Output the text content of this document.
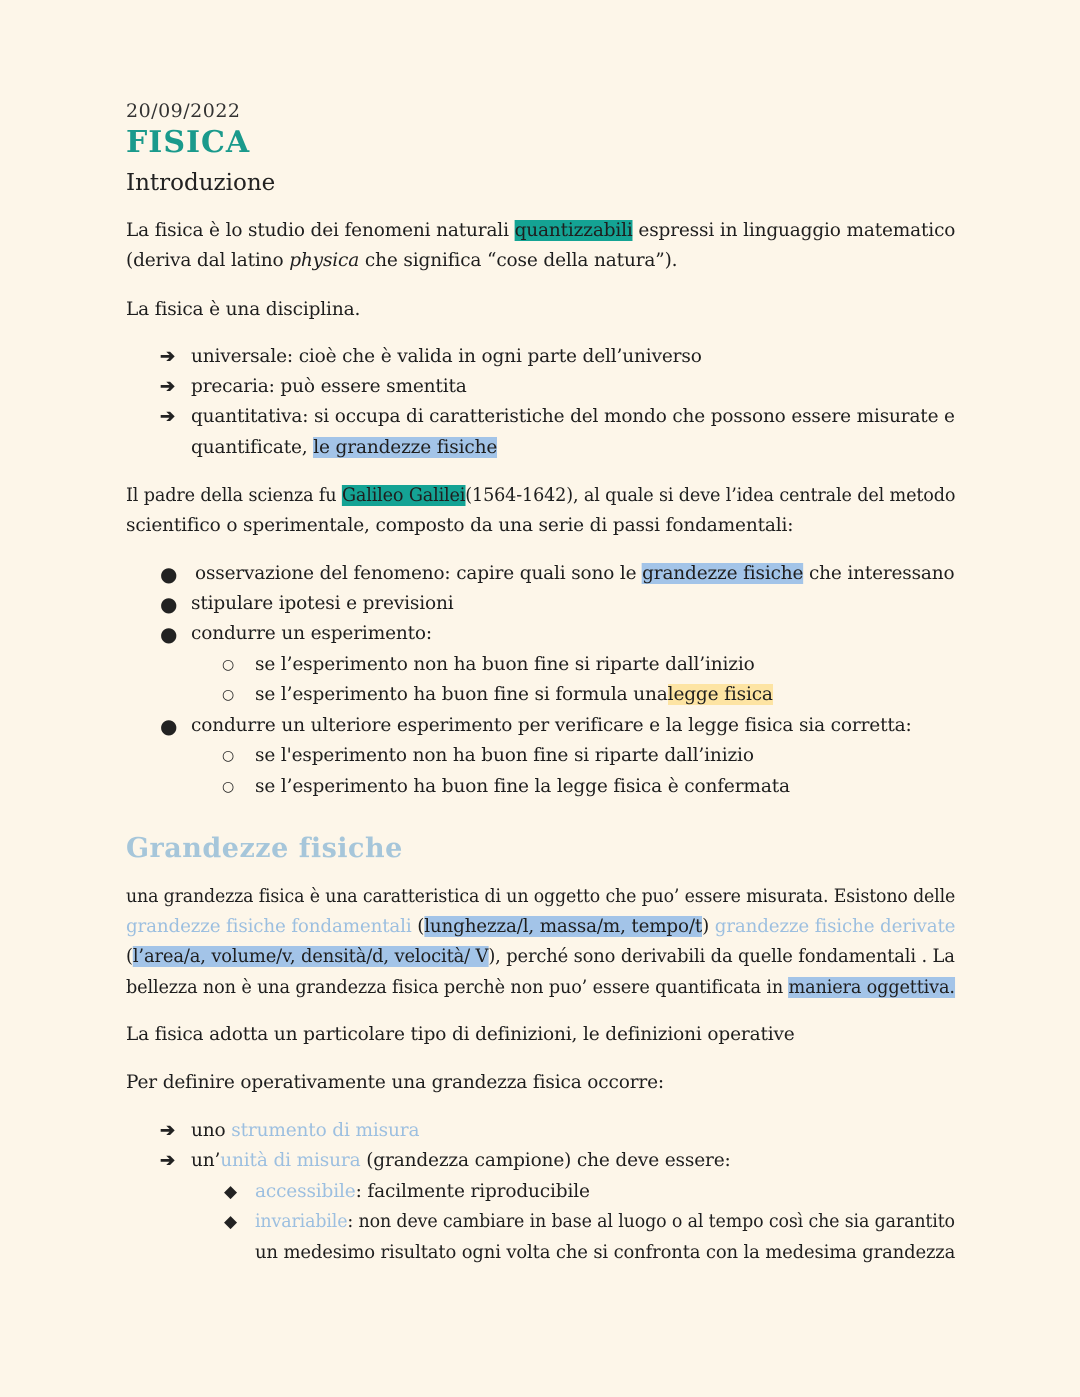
20/09/2022
FISICA
Introduzione
La fisica è lo studio dei fenomeni naturali quantizzabili espressi in linguaggio matematico
(deriva dal latino physica che significa “cose della natura”).
La fisica è una disciplina.
➔ universale: cioè che è valida in ogni parte dell’universo
➔ precaria: può essere smentita
➔ quantitativa: si occupa di caratteristiche del mondo che possono essere misurate e
quantificate, le grandezze fisiche
Il padre della scienza fu Galileo Galilei(1564-1642), al quale si deve l’idea centrale del metodo
scientifico o sperimentale, composto da una serie di passi fondamentali:
● osservazione del fenomeno: capire quali sono le grandezze fisiche che interessano
● stipulare ipotesi e previsioni
● condurre un esperimento:
○ se l’esperimento non ha buon fine si riparte dall’inizio
○ se l’esperimento ha buon fine si formula unalegge fisica
● condurre un ulteriore esperimento per verificare e la legge fisica sia corretta:
○ se l'esperimento non ha buon fine si riparte dall’inizio
○ se l’esperimento ha buon fine la legge fisica è confermata
Grandezze fisiche
una grandezza fisica è una caratteristica di un oggetto che puo’ essere misurata. Esistono delle
grandezze fisiche fondamentali (lunghezza/l, massa/m, tempo/t) grandezze fisiche derivate
(l’area/a, volume/v, densità/d, velocità/ V), perché sono derivabili da quelle fondamentali . La
bellezza non è una grandezza fisica perchè non puo’ essere quantificata in maniera oggettiva.
La fisica adotta un particolare tipo di definizioni, le definizioni operative
Per definire operativamente una grandezza fisica occorre:
➔ uno strumento di misura
➔ un’unità di misura (grandezza campione) che deve essere:
◆ accessibile: facilmente riproducibile
◆ invariabile: non deve cambiare in base al luogo o al tempo così che sia garantito
un medesimo risultato ogni volta che si confronta con la medesima grandezza
